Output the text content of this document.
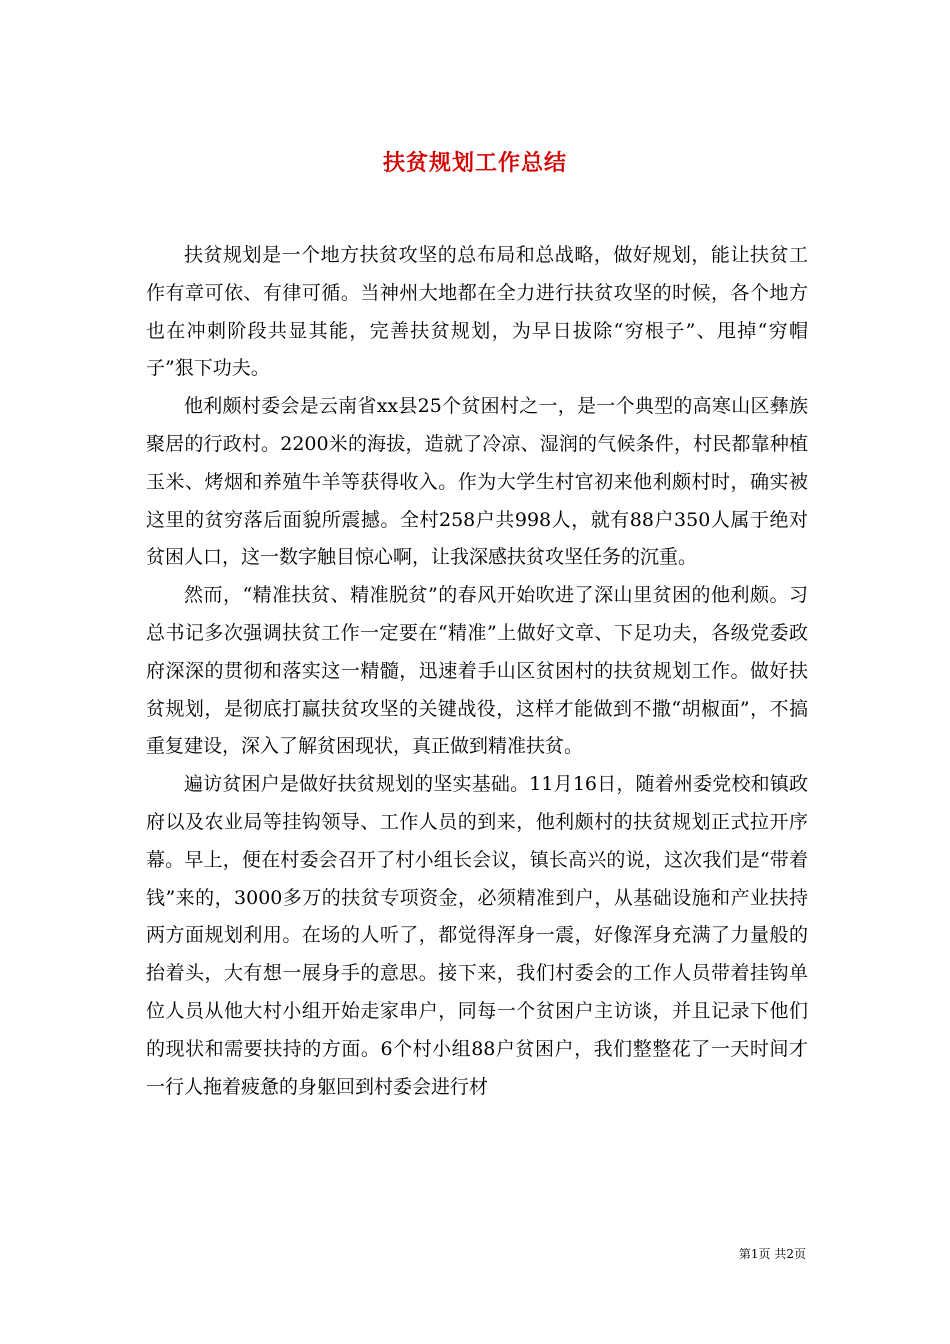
扶贫规划工作总结

扶贫规划是一个地方扶贫攻坚的总布局和总战略，做好规划，能让扶贫工作有章可依、有律可循。当神州大地都在全力进行扶贫攻坚的时候，各个地方也在冲刺阶段共显其能，完善扶贫规划，为早日拔除“穷根子”、甩掉“穷帽子”狠下功夫。

他利颇村委会是云南省xx县25个贫困村之一，是一个典型的高寒山区彝族聚居的行政村。2200米的海拔，造就了冷凉、湿润的气候条件，村民都靠种植玉米、烤烟和养殖牛羊等获得收入。作为大学生村官初来他利颇村时，确实被这里的贫穷落后面貌所震撼。全村258户共998人，就有88户350人属于绝对贫困人口，这一数字触目惊心啊，让我深感扶贫攻坚任务的沉重。

然而，“精准扶贫、精准脱贫”的春风开始吹进了深山里贫困的他利颇。习总书记多次强调扶贫工作一定要在“精准”上做好文章、下足功夫，各级党委政府深深的贯彻和落实这一精髓，迅速着手山区贫困村的扶贫规划工作。做好扶贫规划，是彻底打赢扶贫攻坚的关键战役，这样才能做到不撒“胡椒面”，不搞重复建设，深入了解贫困现状，真正做到精准扶贫。

遍访贫困户是做好扶贫规划的坚实基础。11月16日，随着州委党校和镇政府以及农业局等挂钩领导、工作人员的到来，他利颇村的扶贫规划正式拉开序幕。早上，便在村委会召开了村小组长会议，镇长高兴的说，这次我们是“带着钱”来的，3000多万的扶贫专项资金，必须精准到户，从基础设施和产业扶持两方面规划利用。在场的人听了，都觉得浑身一震，好像浑身充满了力量般的抬着头，大有想一展身手的意思。接下来，我们村委会的工作人员带着挂钩单位人员从他大村小组开始走家串户，同每一个贫困户主访谈，并且记录下他们的现状和需要扶持的方面。6个村小组88户贫困户，我们整整花了一天时间才一行人拖着疲惫的身躯回到村委会进行材

第1页 共2页
